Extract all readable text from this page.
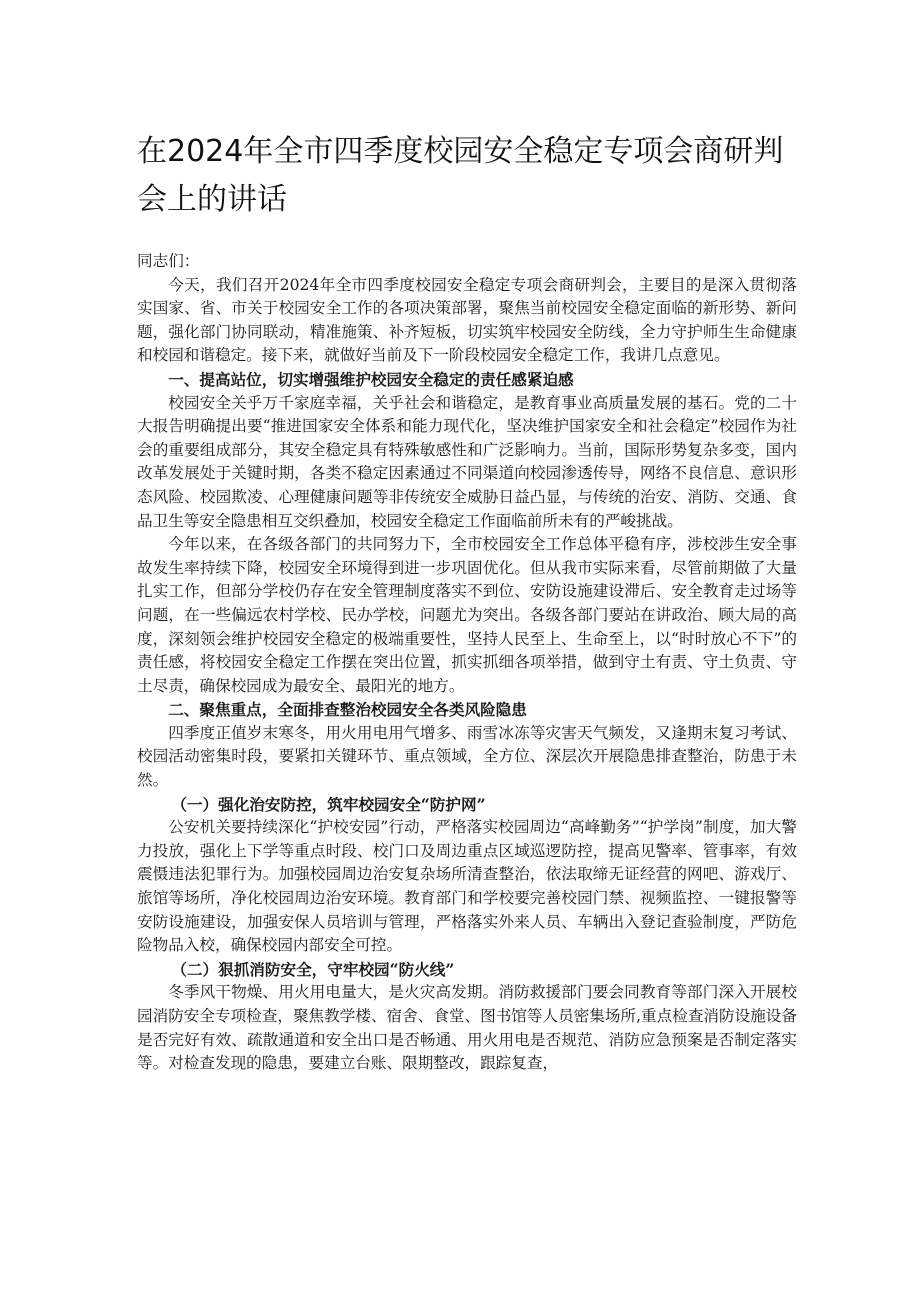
在2024年全市四季度校园安全稳定专项会商研判会上的讲话

同志们：

今天，我们召开2024年全市四季度校园安全稳定专项会商研判会，主要目的是深入贯彻落实国家、省、市关于校园安全工作的各项决策部署，聚焦当前校园安全稳定面临的新形势、新问题，强化部门协同联动，精准施策、补齐短板，切实筑牢校园安全防线，全力守护师生生命健康和校园和谐稳定。接下来，就做好当前及下一阶段校园安全稳定工作，我讲几点意见。

一、提高站位，切实增强维护校园安全稳定的责任感紧迫感

校园安全关乎万千家庭幸福，关乎社会和谐稳定，是教育事业高质量发展的基石。党的二十大报告明确提出要“推进国家安全体系和能力现代化，坚决维护国家安全和社会稳定”校园作为社会的重要组成部分，其安全稳定具有特殊敏感性和广泛影响力。当前，国际形势复杂多变，国内改革发展处于关键时期，各类不稳定因素通过不同渠道向校园渗透传导，网络不良信息、意识形态风险、校园欺凌、心理健康问题等非传统安全威胁日益凸显，与传统的治安、消防、交通、食品卫生等安全隐患相互交织叠加，校园安全稳定工作面临前所未有的严峻挑战。

今年以来，在各级各部门的共同努力下，全市校园安全工作总体平稳有序，涉校涉生安全事故发生率持续下降，校园安全环境得到进一步巩固优化。但从我市实际来看，尽管前期做了大量扎实工作，但部分学校仍存在安全管理制度落实不到位、安防设施建设滞后、安全教育走过场等问题，在一些偏远农村学校、民办学校，问题尤为突出。各级各部门要站在讲政治、顾大局的高度，深刻领会维护校园安全稳定的极端重要性，坚持人民至上、生命至上，以“时时放心不下”的责任感，将校园安全稳定工作摆在突出位置，抓实抓细各项举措，做到守土有责、守土负责、守土尽责，确保校园成为最安全、最阳光的地方。

二、聚焦重点，全面排查整治校园安全各类风险隐患

四季度正值岁末寒冬，用火用电用气增多、雨雪冰冻等灾害天气频发，又逢期末复习考试、校园活动密集时段，要紧扣关键环节、重点领域，全方位、深层次开展隐患排查整治，防患于未然。

（一）强化治安防控，筑牢校园安全“防护网”

公安机关要持续深化“护校安园”行动，严格落实校园周边“高峰勤务”“护学岗”制度，加大警力投放，强化上下学等重点时段、校门口及周边重点区域巡逻防控，提高见警率、管事率，有效震慑违法犯罪行为。加强校园周边治安复杂场所清查整治，依法取缔无证经营的网吧、游戏厅、旅馆等场所，净化校园周边治安环境。教育部门和学校要完善校园门禁、视频监控、一键报警等安防设施建设，加强安保人员培训与管理，严格落实外来人员、车辆出入登记查验制度，严防危险物品入校，确保校园内部安全可控。

（二）狠抓消防安全，守牢校园“防火线”

冬季风干物燥、用火用电量大，是火灾高发期。消防救援部门要会同教育等部门深入开展校园消防安全专项检查，聚焦教学楼、宿舍、食堂、图书馆等人员密集场所,重点检查消防设施设备是否完好有效、疏散通道和安全出口是否畅通、用火用电是否规范、消防应急预案是否制定落实等。对检查发现的隐患，要建立台账、限期整改，跟踪复查，
